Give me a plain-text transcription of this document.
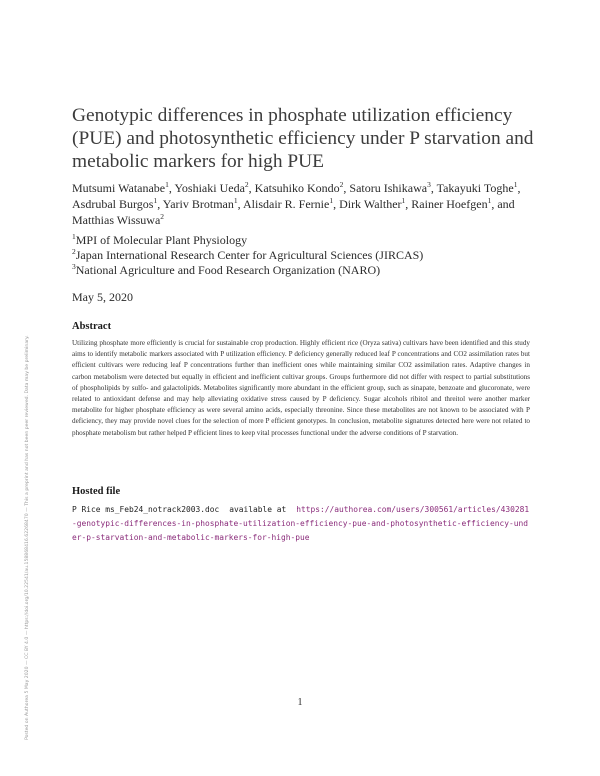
Posted on Authorea 5 May 2020 — CC BY 4.0 — https://doi.org/10.22541/au.158868416.62268470 — This a preprint and has not been peer reviewed. Data may be preliminary.
Genotypic differences in phosphate utilization efficiency (PUE) and photosynthetic efficiency under P starvation and metabolic markers for high PUE
Mutsumi Watanabe$^1$, Yoshiaki Ueda$^2$, Katsuhiko Kondo$^2$, Satoru Ishikawa$^3$, Takayuki Toghe$^1$, Asdrubal Burgos$^1$, Yariv Brotman$^1$, Alisdair R. Fernie$^1$, Dirk Walther$^1$, Rainer Hoefgen$^1$, and Matthias Wissuwa$^2$
$^1$MPI of Molecular Plant Physiology
$^2$Japan International Research Center for Agricultural Sciences (JIRCAS)
$^3$National Agriculture and Food Research Organization (NARO)
May 5, 2020
Abstract

Utilizing phosphate more efficiently is crucial for sustainable crop production. Highly efficient rice (Oryza sativa) cultivars have been identified and this study aims to identify metabolic markers associated with P utilization efficiency. P deficiency generally reduced leaf P concentrations and CO2 assimilation rates but efficient cultivars were reducing leaf P concentrations further than inefficient ones while maintaining similar CO2 assimilation rates. Adaptive changes in carbon metabolism were detected but equally in efficient and inefficient cultivar groups. Groups furthermore did not differ with respect to partial substitutions of phospholipids by sulfo- and galactolipids. Metabolites significantly more abundant in the efficient group, such as sinapate, benzoate and glucoronate, were related to antioxidant defense and may help alleviating oxidative stress caused by P deficiency. Sugar alcohols ribitol and threitol were another marker metabolite for higher phosphate efficiency as were several amino acids, especially threonine. Since these metabolites are not known to be associated with P deficiency, they may provide novel clues for the selection of more P efficient genotypes. In conclusion, metabolite signatures detected here were not related to phosphate metabolism but rather helped P efficient lines to keep vital processes functional under the adverse conditions of P starvation.

Hosted file

P Rice ms_Feb24_notrack2003.doc available at https://authorea.com/users/300561/articles/430281-genotypic-differences-in-phosphate-utilization-efficiency-pue-and-photosynthetic-efficiency-under-p-starvation-and-metabolic-markers-for-high-pue

1
